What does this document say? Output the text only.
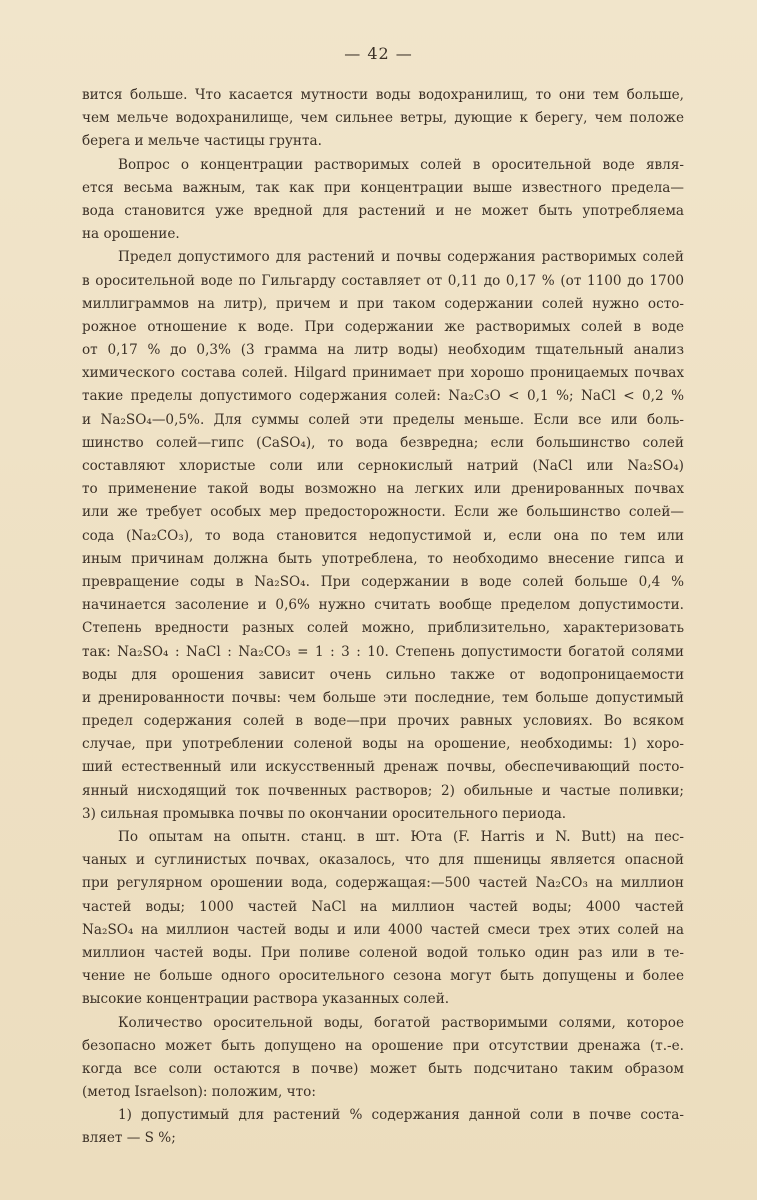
— 42 —
вится больше. Что касается мутности воды водохранилищ, то они тем больше,
чем мельче водохранилище, чем сильнее ветры, дующие к берегу, чем положе
берега и мельче частицы грунта.
Вопрос о концентрации растворимых солей в оросительной воде явля-
ется весьма важным, так как при концентрации выше известного предела—
вода становится уже вредной для растений и не может быть употребляема
на орошение.
Предел допустимого для растений и почвы содержания растворимых солей
в оросительной воде по Гильгарду составляет от 0,11 до 0,17 % (от 1100 до 1700
миллиграммов на литр), причем и при таком содержании солей нужно осто-
рожное отношение к воде. При содержании же растворимых солей в воде
от 0,17 % до 0,3% (3 грамма на литр воды) необходим тщательный анализ
химического состава солей. Hilgard принимает при хорошо проницаемых почвах
такие пределы допустимого содержания солей: Na₂C₃O < 0,1 %; NaCl < 0,2 %
и Na₂SO₄—0,5%. Для суммы солей эти пределы меньше. Если все или боль-
шинство солей—гипс (CaSO₄), то вода безвредна; если большинство солей
составляют хлористые соли или сернокислый натрий (NaCl или Na₂SO₄)
то применение такой воды возможно на легких или дренированных почвах
или же требует особых мер предосторожности. Если же большинство солей—
сода (Na₂CO₃), то вода становится недопустимой и, если она по тем или
иным причинам должна быть употреблена, то необходимо внесение гипса и
превращение соды в Na₂SO₄. При содержании в воде солей больше 0,4 %
начинается засоление и 0,6% нужно считать вообще пределом допустимости.
Степень вредности разных солей можно, приблизительно, характеризовать
так: Na₂SO₄ : NaCl : Na₂CO₃ = 1 : 3 : 10. Степень допустимости богатой солями
воды для орошения зависит очень сильно также от водопроницаемости
и дренированности почвы: чем больше эти последние, тем больше допустимый
предел содержания солей в воде—при прочих равных условиях. Во всяком
случае, при употреблении соленой воды на орошение, необходимы: 1) хоро-
ший естественный или искусственный дренаж почвы, обеспечивающий посто-
янный нисходящий ток почвенных растворов; 2) обильные и частые поливки;
3) сильная промывка почвы по окончании оросительного периода.
По опытам на опытн. станц. в шт. Юта (F. Harris и N. Butt) на пес-
чаных и суглинистых почвах, оказалось, что для пшеницы является опасной
при регулярном орошении вода, содержащая:—500 частей Na₂CO₃ на миллион
частей воды; 1000 частей NaCl на миллион частей воды; 4000 частей
Na₂SO₄ на миллион частей воды и или 4000 частей смеси трех этих солей на
миллион частей воды. При поливе соленой водой только один раз или в те-
чение не больше одного оросительного сезона могут быть допущены и более
высокие концентрации раствора указанных солей.
Количество оросительной воды, богатой растворимыми солями, которое
безопасно может быть допущено на орошение при отсутствии дренажа (т.-е.
когда все соли остаются в почве) может быть подсчитано таким образом
(метод Israelson): положим, что:
1) допустимый для растений % содержания данной соли в почве соста-
вляет — S %;
